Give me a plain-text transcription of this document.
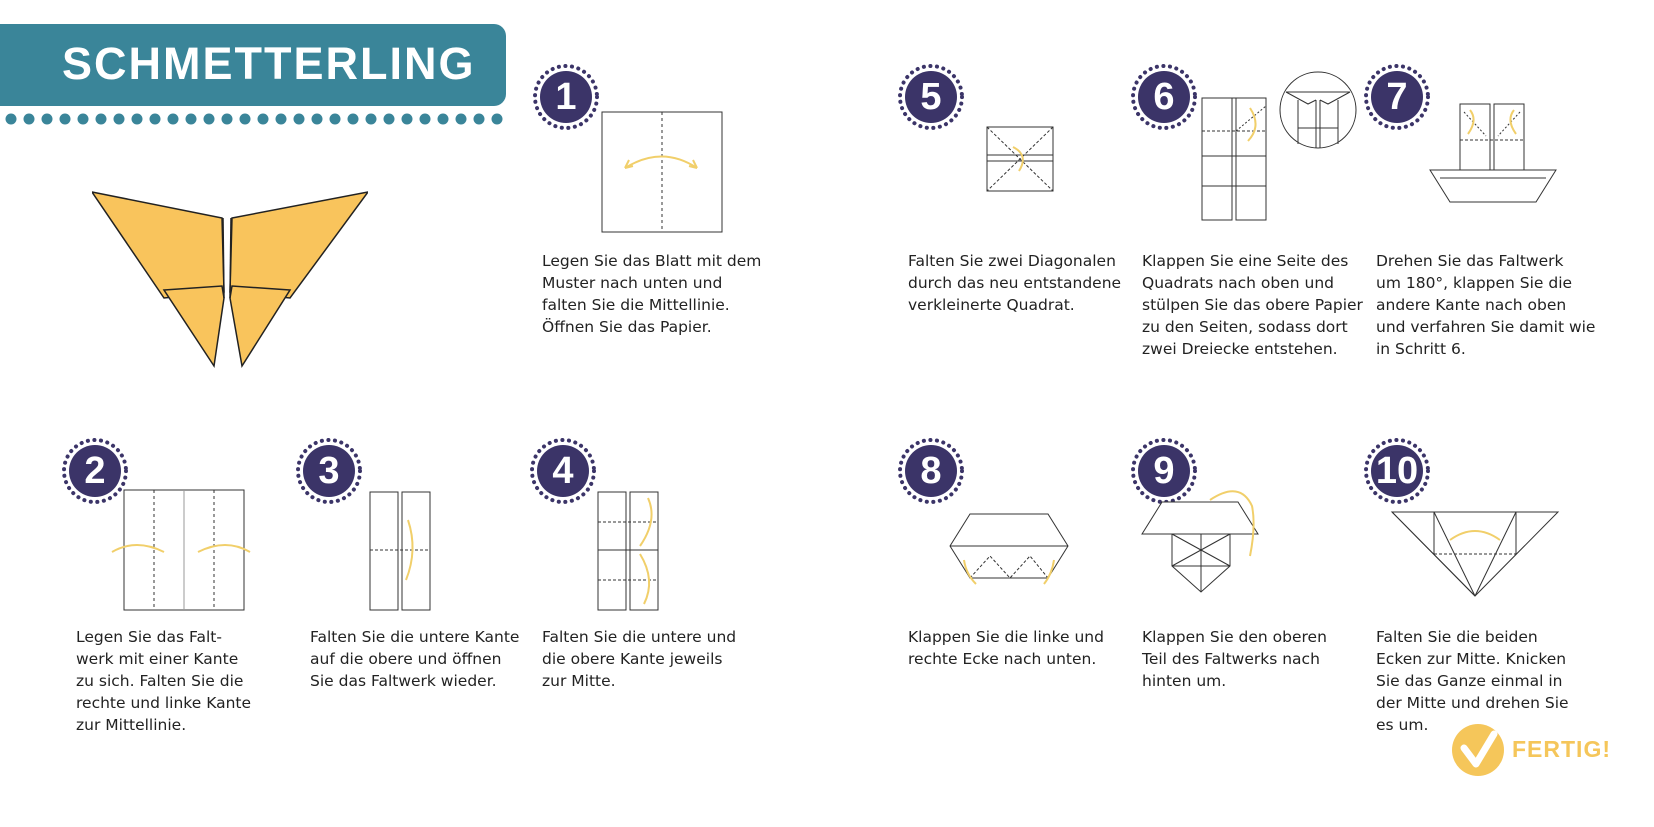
SCHMETTERLING
1
Legen Sie das Blatt mit dem
Muster nach unten und
falten Sie die Mittellinie.
Öffnen Sie das Papier.
5
Falten Sie zwei Diagonalen
durch das neu entstandene
verkleinerte Quadrat.
6
Klappen Sie eine Seite des
Quadrats nach oben und
stülpen Sie das obere Papier
zu den Seiten, sodass dort
zwei Dreiecke entstehen.
7
Drehen Sie das Faltwerk
um 180°, klappen Sie die
andere Kante nach oben
und verfahren Sie damit wie
in Schritt 6.
2
Legen Sie das Falt-
werk mit einer Kante
zu sich. Falten Sie die
rechte und linke Kante
zur Mittellinie.
3
Falten Sie die untere Kante
auf die obere und öffnen
Sie das Faltwerk wieder.
4
Falten Sie die untere und
die obere Kante jeweils
zur Mitte.
8
Klappen Sie die linke und
rechte Ecke nach unten.
9
Klappen Sie den oberen
Teil des Faltwerks nach
hinten um.
10
Falten Sie die beiden
Ecken zur Mitte. Knicken
Sie das Ganze einmal in
der Mitte und drehen Sie
es um.
FERTIG!
